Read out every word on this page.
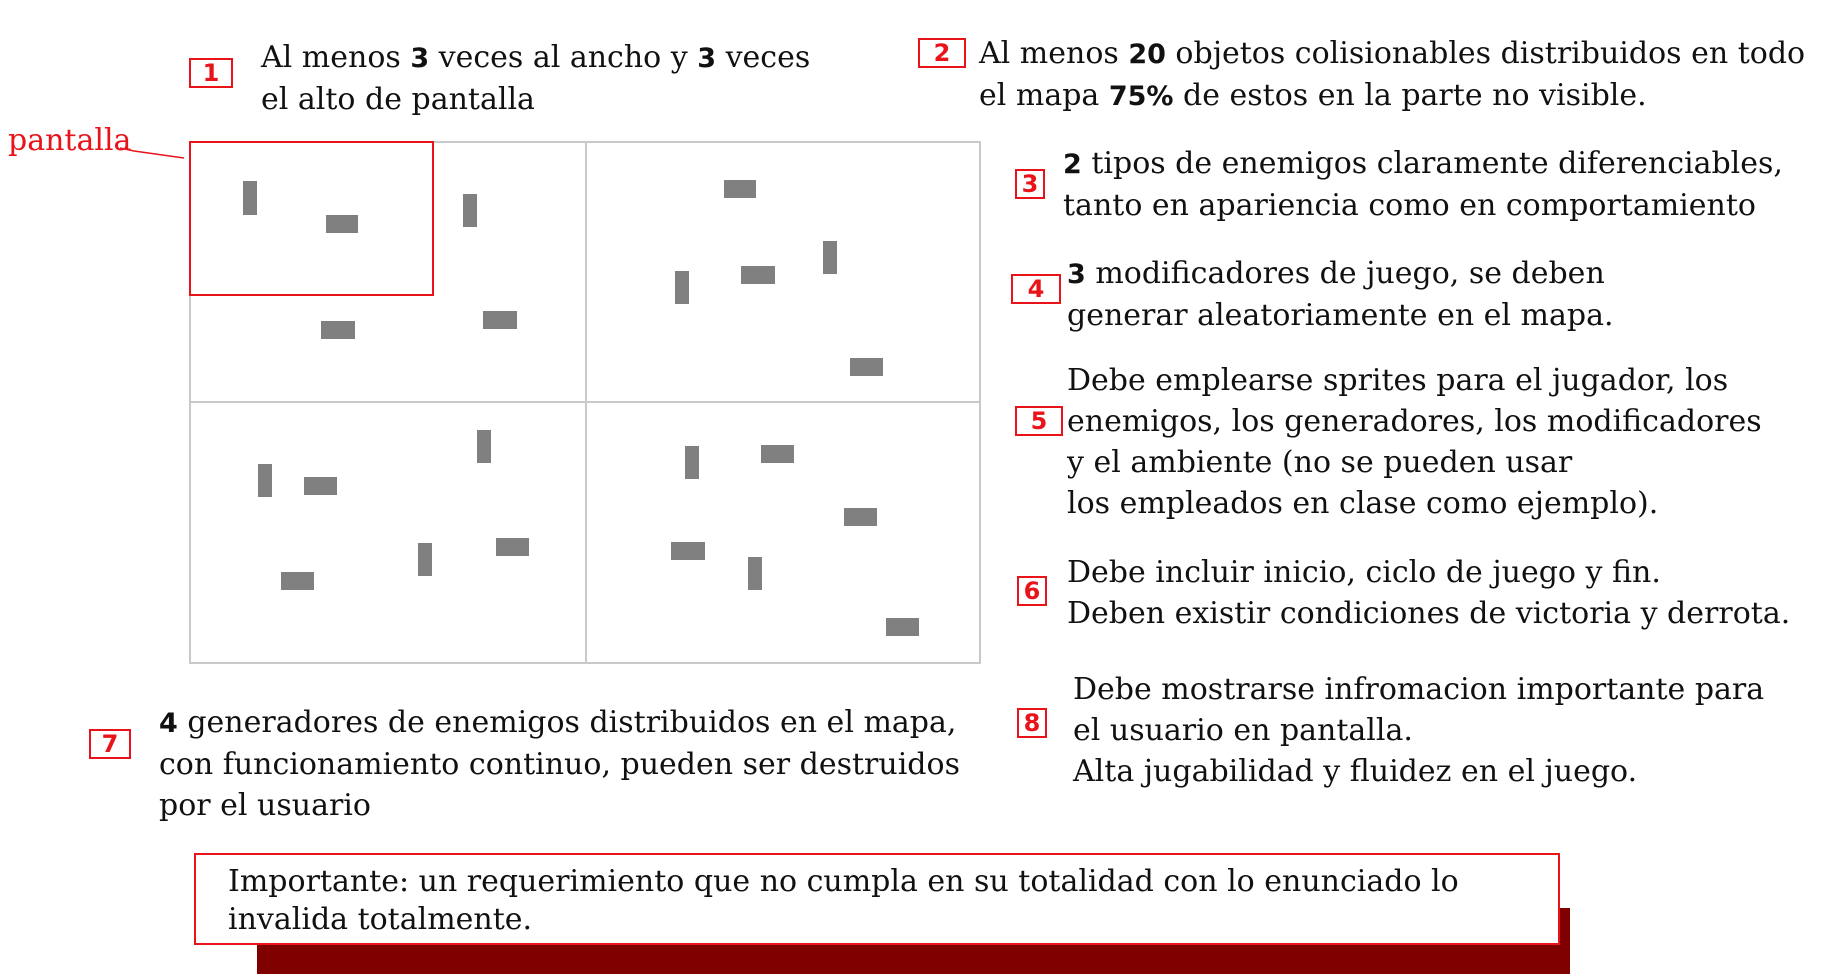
1	Al menos 3 veces al ancho y 3 veces
el alto de pantalla
2 Al menos 20 objetos colisionables distribuidos en todo
el mapa 75% de estos en la parte no visible.
3
2 tipos de enemigos claramente diferenciables,
tanto en apariencia como en comportamiento
4 3 modificadores de juego, se deben
generar aleatoriamente en el mapa.
5
Debe emplearse sprites para el jugador, los
enemigos, los generadores, los modificadores
y el ambiente (no se pueden usar
los empleados en clase como ejemplo).
6
Debe incluir inicio, ciclo de juego y fin.
Deben existir condiciones de victoria y derrota.
7
4 generadores de enemigos distribuidos en el mapa,
con funcionamiento continuo, pueden ser destruidos
por el usuario
8
Debe mostrarse infromacion importante para
el usuario en pantalla.
Alta jugabilidad y fluidez en el juego.
pantalla
Importante: un requerimiento que no cumpla en su totalidad con lo enunciado lo
invalida totalmente.
